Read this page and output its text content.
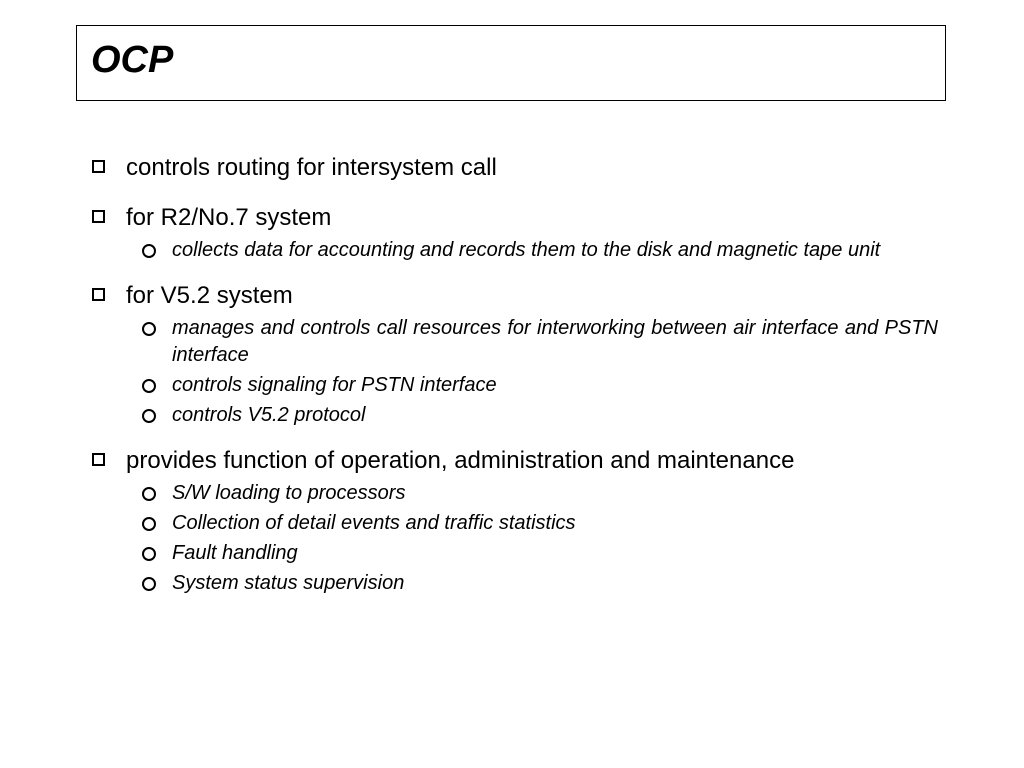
OCP
controls routing for intersystem call
for R2/No.7 system
collects data for accounting and records them to the disk and magnetic tape unit
for V5.2 system
manages and controls call resources for interworking between air interface and PSTN interface
controls signaling for PSTN interface
controls V5.2 protocol
provides function of operation, administration and maintenance
S/W loading to processors
Collection of detail events and traffic statistics
Fault handling
System status supervision
